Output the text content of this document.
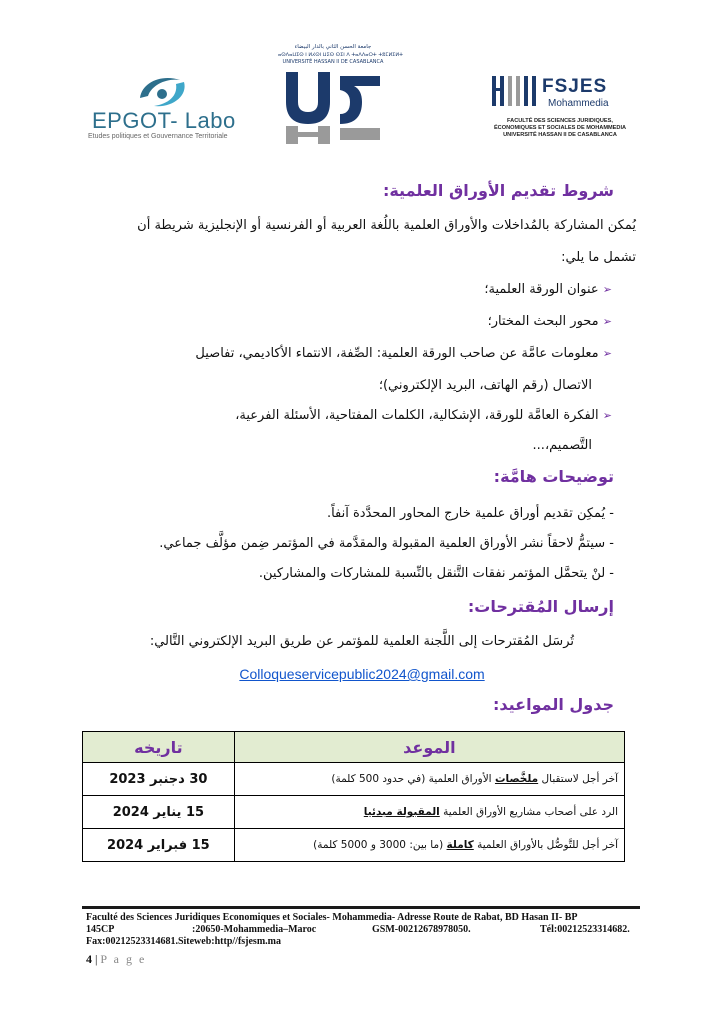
EPGOT- Labo
Etudes politiques et Gouvernance Territoriale
جامعة الحسن الثاني بالدار البيضاء
ⴰⵙⴷⴰⵡⵉⵙ ⵏ ⵍⵃⵙⵏ ⵡⵉⵙ ⵙⵉⵏ ⴷ ⵜⴰⴷⴷⴰⵔⵜ ⵜⵓⵎⵍⵉⵍⵜ
UNIVERSITÉ HASSAN II DE CASABLANCA
FSJES
Mohammedia
FACULTÉ DES SCIENCES JURIDIQUES,
ÉCONOMIQUES ET SOCIALES DE MOHAMMEDIA
UNIVERSITÉ HASSAN II DE CASABLANCA
شروط تقديم الأوراق العلمية:
يُمكن المشاركة بالمُداخلات والأوراق العلمية باللُغة العربية أو الفرنسية أو الإنجليزية شريطة أن
تشمل ما يلي:
➢ عنوان الورقة العلمية؛
➢ محور البحث المختار؛
➢ معلومات عامَّة عن صاحب الورقة العلمية: الصِّفة، الانتماء الأكاديمي، تفاصيل
الاتصال (رقم الهاتف، البريد الإلكتروني)؛
➢ الفكرة العامَّة للورقة، الإشكالية، الكلمات المفتاحية، الأسئلة الفرعية،
التَّصميم،...
توضيحات هامَّة:
- يُمكِن تقديم أوراق علمية خارج المحاور المحدَّدة آنفاً.
- سيتمُّ لاحقاً نشر الأوراق العلمية المقبولة والمقدَّمة في المؤتمر ضِمن مؤلَّف جماعي.
- لنْ يتحمَّل المؤتمر نفقات التَّنقل بالنِّسبة للمشاركات والمشاركين.
إرسال المُقترحات:
تُرسَل المُقترحات إلى اللَّجنة العلمية للمؤتمر عن طريق البريد الإلكتروني التَّالي:
Colloqueservicepublic2024@gmail.com
جدول المواعيد:
الموعد	تاريخه
آخر أجل لاستقبال ملخَّصات الأوراق العلمية (في حدود 500 كلمة)	30 دجنبر 2023
الرد على أصحاب مشاريع الأوراق العلمية المقبولة مبدئيا	15 يناير 2024
آخر أجل للتَّوصُّل بالأوراق العلمية كاملة (ما بين: 3000 و 5000 كلمة)	15 فبراير 2024
Faculté des Sciences Juridiques Economiques et Sociales- Mohammedia- Adresse Route de Rabat, BD Hasan II- BP
145CP	:20650-Mohammedia–Maroc	GSM-00212678978050.	Tél:00212523314682.
Fax:00212523314681.Siteweb:http//fsjesm.ma
4 | P a g e
